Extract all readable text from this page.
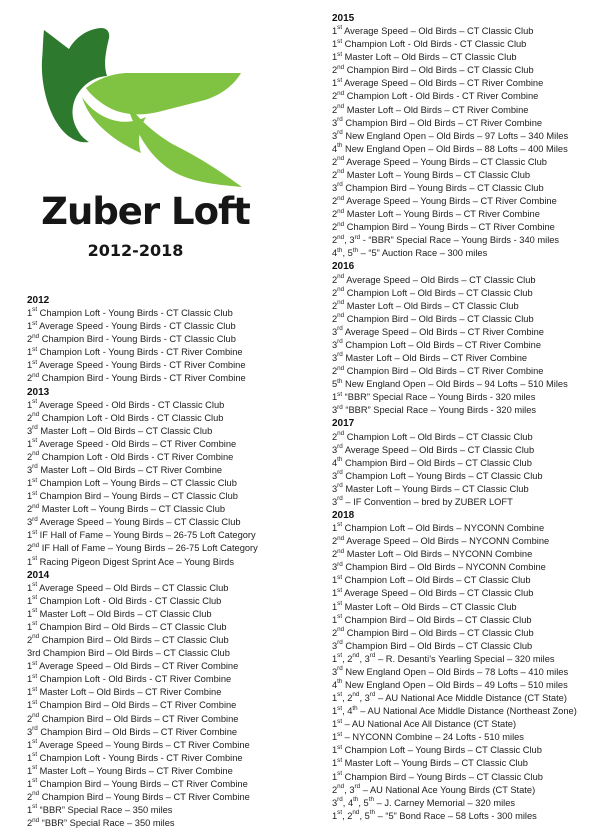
Zuber Loft
2012-2018
2012
1st Champion Loft - Young Birds - CT Classic Club
1st Average Speed - Young Birds - CT Classic Club
2nd Champion Bird - Young Birds - CT Classic Club
1st Champion Loft - Young Birds - CT River Combine
1st Average Speed - Young Birds - CT River Combine
2nd Champion Bird - Young Birds - CT River Combine
2013
1st Average Speed - Old Birds - CT Classic Club
2nd Champion Loft - Old Birds - CT Classic Club
3rd Master Loft – Old Birds – CT Classic Club
1st Average Speed - Old Birds – CT River Combine
2nd Champion Loft - Old Birds - CT River Combine
3rd Master Loft – Old Birds – CT River Combine
1st Champion Loft – Young Birds – CT Classic Club
1st Champion Bird – Young Birds – CT Classic Club
2nd Master Loft – Young Birds – CT Classic Club
3rd Average Speed – Young Birds – CT Classic Club
1st IF Hall of Fame – Young Birds – 26-75 Loft Category
2nd IF Hall of Fame – Young Birds – 26-75 Loft Category
1st Racing Pigeon Digest Sprint Ace – Young Birds
2014
1st Average Speed – Old Birds – CT Classic Club
1st Champion Loft - Old Birds - CT Classic Club
1st Master Loft – Old Birds – CT Classic Club
1st Champion Bird – Old Birds – CT Classic Club
2nd Champion Bird – Old Birds – CT Classic Club
3rd Champion Bird – Old Birds – CT Classic Club
1st Average Speed – Old Birds – CT River Combine
1st Champion Loft - Old Birds - CT River Combine
1st Master Loft – Old Birds – CT River Combine
1st Champion Bird – Old Birds – CT River Combine
2nd Champion Bird – Old Birds – CT River Combine
3rd Champion Bird – Old Birds – CT River Combine
1st Average Speed – Young Birds – CT River Combine
1st Champion Loft - Young Birds - CT River Combine
1st Master Loft – Young Birds – CT River Combine
1st Champion Bird – Young Birds – CT River Combine
2nd Champion Bird – Young Birds – CT River Combine
1st “BBR” Special Race – 350 miles
2nd “BBR” Special Race – 350 miles
2015
1st Average Speed – Old Birds – CT Classic Club
1st Champion Loft - Old Birds - CT Classic Club
1st Master Loft – Old Birds – CT Classic Club
2nd Champion Bird – Old Birds – CT Classic Club
1st Average Speed – Old Birds – CT River Combine
2nd Champion Loft - Old Birds - CT River Combine
2nd Master Loft – Old Birds – CT River Combine
3rd Champion Bird – Old Birds – CT River Combine
3rd New England Open – Old Birds – 97 Lofts – 340 Miles
4th New England Open – Old Birds – 88 Lofts – 400 Miles
2nd Average Speed – Young Birds – CT Classic Club
2nd Master Loft – Young Birds – CT Classic Club
3rd Champion Bird – Young Birds – CT Classic Club
2nd Average Speed – Young Birds – CT River Combine
2nd Master Loft – Young Birds – CT River Combine
2nd Champion Bird – Young Birds – CT River Combine
2nd, 3rd - “BBR” Special Race – Young Birds - 340 miles
4th, 5th – “5” Auction Race – 300 miles
2016
2nd Average Speed – Old Birds – CT Classic Club
2nd Champion Loft – Old Birds – CT Classic Club
2nd Master Loft – Old Birds – CT Classic Club
2nd Champion Bird – Old Birds – CT Classic Club
3rd Average Speed – Old Birds – CT River Combine
3rd Champion Loft – Old Birds – CT River Combine
3rd Master Loft – Old Birds – CT River Combine
2nd Champion Bird – Old Birds – CT River Combine
5th New England Open – Old Birds – 94 Lofts – 510 Miles
1st “BBR” Special Race – Young Birds - 320 miles
3rd “BBR” Special Race – Young Birds - 320 miles
2017
2nd Champion Loft – Old Birds – CT Classic Club
3rd Average Speed – Old Birds – CT Classic Club
4th Champion Bird – Old Birds – CT Classic Club
3rd Champion Loft – Young Birds – CT Classic Club
3rd Master Loft – Young Birds – CT Classic Club
3rd – IF Convention – bred by ZUBER LOFT
2018
1st Champion Loft – Old Birds – NYCONN Combine
2nd Average Speed – Old Birds – NYCONN Combine
2nd Master Loft – Old Birds – NYCONN Combine
3rd Champion Bird – Old Birds – NYCONN Combine
1st Champion Loft – Old Birds – CT Classic Club
1st Average Speed – Old Birds – CT Classic Club
1st Master Loft – Old Birds – CT Classic Club
1st Champion Bird – Old Birds – CT Classic Club
2nd Champion Bird – Old Birds – CT Classic Club
3rd Champion Bird – Old Birds – CT Classic Club
1st, 2nd, 3rd – R. Desanti’s Yearling Special – 320 miles
3rd New England Open – Old Birds – 78 Lofts – 410 miles
4th New England Open – Old Birds – 49 Lofts – 510 miles
1st, 2nd, 3rd – AU National Ace Middle Distance (CT State)
1st, 4th – AU National Ace Middle Distance (Northeast Zone)
1st – AU National Ace All Distance (CT State)
1st – NYCONN Combine – 24 Lofts - 510 miles
1st Champion Loft – Young Birds – CT Classic Club
1st Master Loft – Young Birds – CT Classic Club
1st Champion Bird – Young Birds – CT Classic Club
2nd, 3rd – AU National Ace Young Birds (CT State)
3rd, 4th, 5th – J. Carney Memorial – 320 miles
1st, 2nd, 5th – “5” Bond Race – 58 Lofts - 300 miles
